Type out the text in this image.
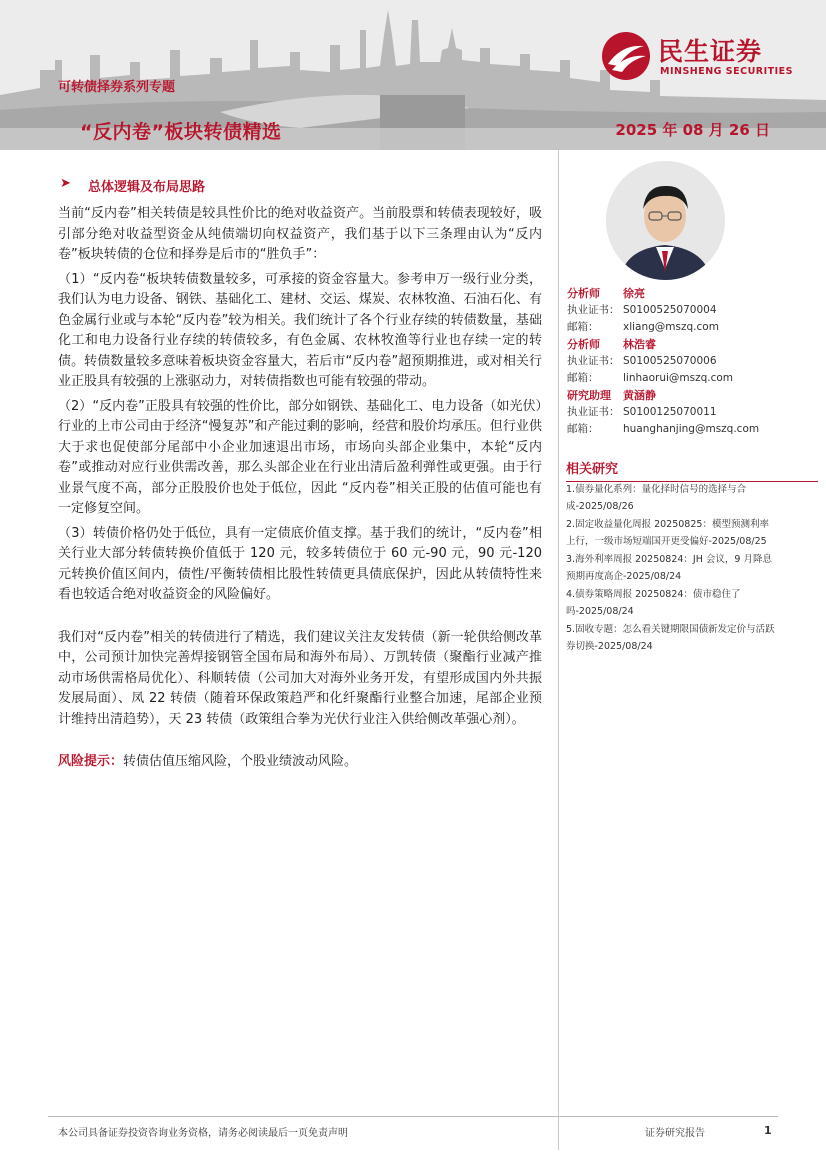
可转债择券系列专题
“反内卷”板块转债精选	2025 年 08 月 26 日
民生证券
MINSHENG SECURITIES
➤ 总体逻辑及布局思路

当前“反内卷”相关转债是较具性价比的绝对收益资产。当前股票和转债表现较好，吸引部分绝对收益型资金从纯债端切向权益资产，我们基于以下三条理由认为“反内卷”板块转债的仓位和择券是后市的“胜负手”：

（1）“反内卷“板块转债数量较多，可承接的资金容量大。参考申万一级行业分类，我们认为电力设备、钢铁、基础化工、建材、交运、煤炭、农林牧渔、石油石化、有色金属行业或与本轮“反内卷”较为相关。我们统计了各个行业存续的转债数量，基础化工和电力设备行业存续的转债较多，有色金属、农林牧渔等行业也存续一定的转债。转债数量较多意味着板块资金容量大，若后市“反内卷”超预期推进，或对相关行业正股具有较强的上涨驱动力，对转债指数也可能有较强的带动。

（2）“反内卷”正股具有较强的性价比，部分如钢铁、基础化工、电力设备（如光伏）行业的上市公司由于经济“慢复苏”和产能过剩的影响，经营和股价均承压。但行业供大于求也促使部分尾部中小企业加速退出市场，市场向头部企业集中，本轮“反内卷”或推动对应行业供需改善，那么头部企业在行业出清后盈利弹性或更强。由于行业景气度不高，部分正股股价也处于低位，因此 “反内卷”相关正股的估值可能也有一定修复空间。

（3）转债价格仍处于低位，具有一定债底价值支撑。基于我们的统计，“反内卷”相关行业大部分转债转换价值低于 120 元，较多转债位于 60 元-90 元，90 元-120 元转换价值区间内，债性/平衡转债相比股性转债更具债底保护，因此从转债特性来看也较适合绝对收益资金的风险偏好。

我们对“反内卷”相关的转债进行了精选，我们建议关注友发转债（新一轮供给侧改革中，公司预计加快完善焊接钢管全国布局和海外布局）、万凯转债（聚酯行业减产推动市场供需格局优化）、科顺转债（公司加大对海外业务开发，有望形成国内外共振发展局面）、凤 22 转债（随着环保政策趋严和化纤聚酯行业整合加速，尾部企业预计维持出清趋势），天 23 转债（政策组合拳为光伏行业注入供给侧改革强心剂）。

风险提示：转债估值压缩风险，个股业绩波动风险。
分析师	徐亮
执业证书： S0100525070004
邮箱：	xliang@mszq.com
分析师	林浩睿
执业证书： S0100525070006
邮箱：	linhaorui@mszq.com
研究助理	黄涵静
执业证书： S0100125070011
邮箱：	huanghanjing@mszq.com
相关研究
1.债券量化系列：量化择时信号的选择与合成-2025/08/26
2.固定收益量化周报 20250825：模型预测利率上行，一级市场短端国开更受偏好-2025/08/25
3.海外利率周报 20250824：JH 会议，9 月降息预期再度高企-2025/08/24
4.债券策略周报 20250824：债市稳住了吗-2025/08/24
5.固收专题：怎么看关键期限国债新发定价与活跃券切换-2025/08/24
本公司具备证券投资咨询业务资格，请务必阅读最后一页免责声明	证券研究报告	1
